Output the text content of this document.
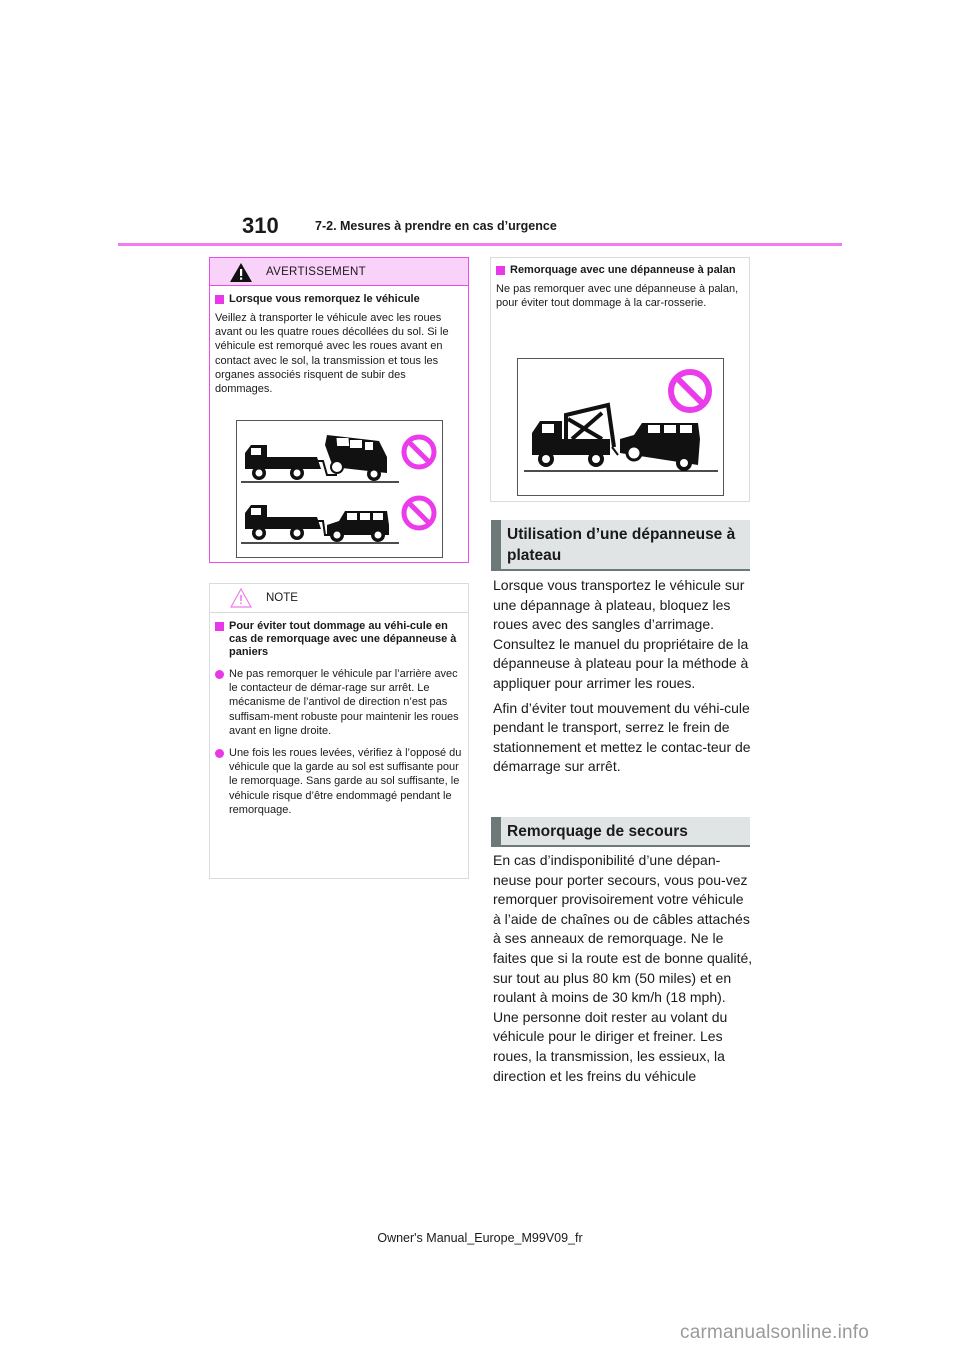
310	7-2. Mesures à prendre en cas d’urgence
AVERTISSEMENT
Lorsque vous remorquez le véhicule
Veillez à transporter le véhicule avec les roues avant ou les quatre roues décollées du sol. Si le véhicule est remorqué avec les roues avant en contact avec le sol, la transmission et tous les organes associés risquent de subir des dommages.
NOTE
Pour éviter tout dommage au véhi-cule en cas de remorquage avec une dépanneuse à paniers
Ne pas remorquer le véhicule par l’arrière avec le contacteur de démar-rage sur arrêt. Le mécanisme de l’antivol de direction n’est pas suffisam-ment robuste pour maintenir les roues avant en ligne droite.
Une fois les roues levées, vérifiez à l’opposé du véhicule que la garde au sol est suffisante pour le remorquage. Sans garde au sol suffisante, le véhicule risque d’être endommagé pendant le remorquage.
Remorquage avec une dépanneuse à palan
Ne pas remorquer avec une dépanneuse à palan, pour éviter tout dommage à la car-rosserie.
Utilisation d’une dépanneuse à plateau

Lorsque vous transportez le véhicule sur une dépannage à plateau, bloquez les roues avec des sangles d’arrimage. Consultez le manuel du propriétaire de la dépanneuse à plateau pour la méthode à appliquer pour arrimer les roues.

Afin d’éviter tout mouvement du véhi-cule pendant le transport, serrez le frein de stationnement et mettez le contac-teur de démarrage sur arrêt.

Remorquage de secours

En cas d’indisponibilité d’une dépan-neuse pour porter secours, vous pou-vez remorquer provisoirement votre véhicule à l’aide de chaînes ou de câbles attachés à ses anneaux de remorquage. Ne le faites que si la route est de bonne qualité, sur tout au plus 80 km (50 miles) et en roulant à moins de 30 km/h (18 mph).

Une personne doit rester au volant du véhicule pour le diriger et freiner. Les roues, la transmission, les essieux, la direction et les freins du véhicule

Owner's Manual_Europe_M99V09_fr
carmanualsonline.info
